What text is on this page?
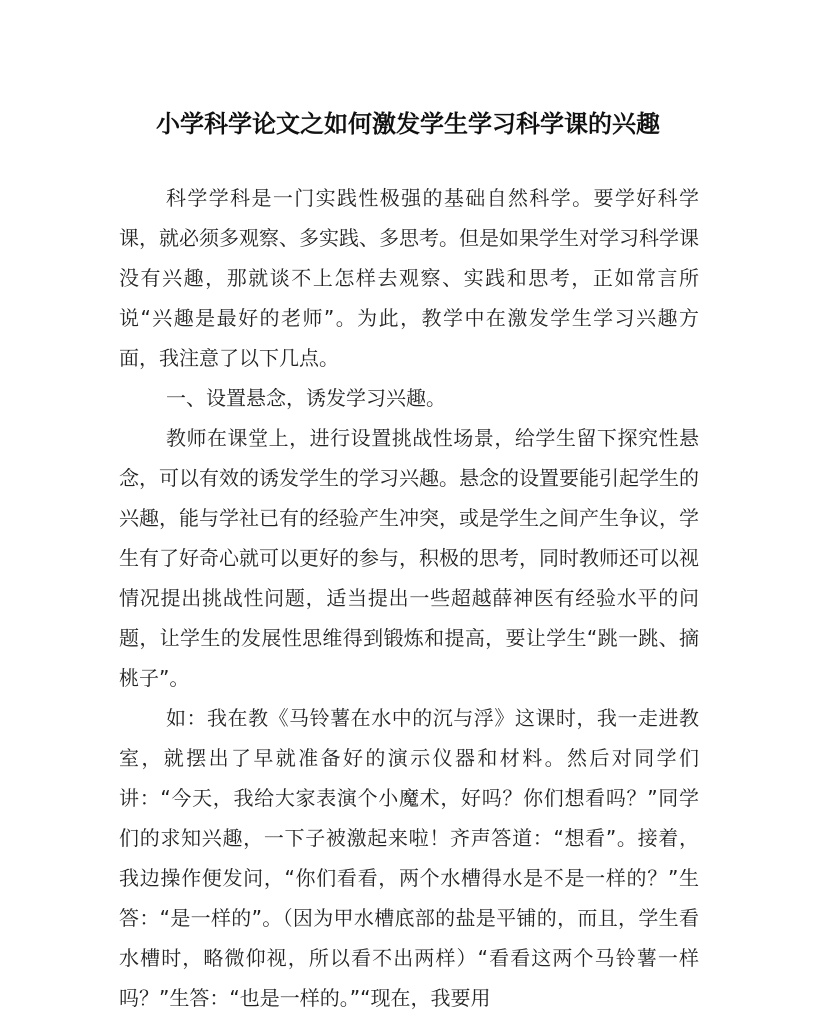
小学科学论文之如何激发学生学习科学课的兴趣

科学学科是一门实践性极强的基础自然科学。要学好科学课，就必须多观察、多实践、多思考。但是如果学生对学习科学课没有兴趣，那就谈不上怎样去观察、实践和思考，正如常言所说“兴趣是最好的老师”。为此，教学中在激发学生学习兴趣方面，我注意了以下几点。

一、设置悬念，诱发学习兴趣。

教师在课堂上，进行设置挑战性场景，给学生留下探究性悬念，可以有效的诱发学生的学习兴趣。悬念的设置要能引起学生的兴趣，能与学社已有的经验产生冲突，或是学生之间产生争议，学生有了好奇心就可以更好的参与，积极的思考，同时教师还可以视情况提出挑战性问题，适当提出一些超越薛神医有经验水平的问题，让学生的发展性思维得到锻炼和提高，要让学生“跳一跳、摘桃子”。

如：我在教《马铃薯在水中的沉与浮》这课时，我一走进教室，就摆出了早就准备好的演示仪器和材料。然后对同学们讲：“今天，我给大家表演个小魔术，好吗？你们想看吗？”同学们的求知兴趣，一下子被激起来啦！齐声答道：“想看”。接着，我边操作便发问，“你们看看，两个水槽得水是不是一样的？”生答：“是一样的”。（因为甲水槽底部的盐是平铺的，而且，学生看水槽时，略微仰视，所以看不出两样）“看看这两个马铃薯一样吗？”生答：“也是一样的。”“现在，我要用
